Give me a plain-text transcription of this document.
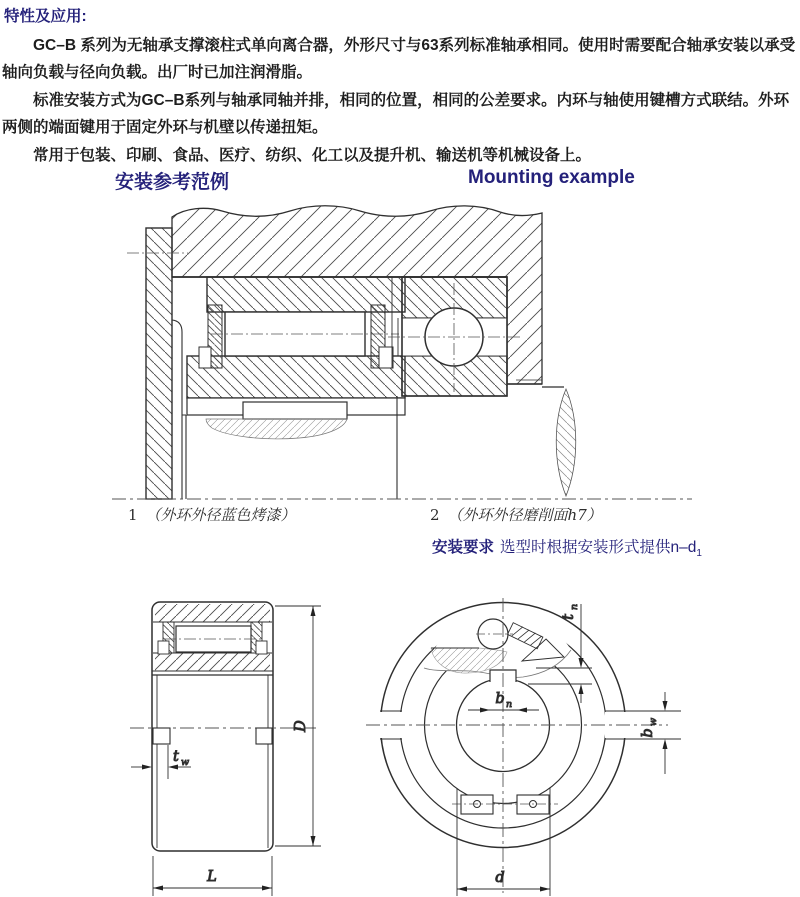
特性及应用:

GC–B 系列为无轴承支撑滚柱式单向离合器，外形尺寸与63系列标准轴承相同。使用时需要配合轴承安装以承受轴向负载与径向负载。出厂时已加注润滑脂。

标准安装方式为GC–B系列与轴承同轴并排，相同的位置，相同的公差要求。内环与轴使用键槽方式联结。外环两侧的端面键用于固定外环与机壁以传递扭矩。

常用于包装、印刷、食品、医疗、纺织、化工以及提升机、输送机等机械设备上。

安装参考范例	Mounting example
1 （外环外径蓝色烤漆）	2 （外环外径磨削面h7）
安装要求 选型时根据安装形式提供$n-d_1$
t w
D
L
t
n
b
w
b n
d
